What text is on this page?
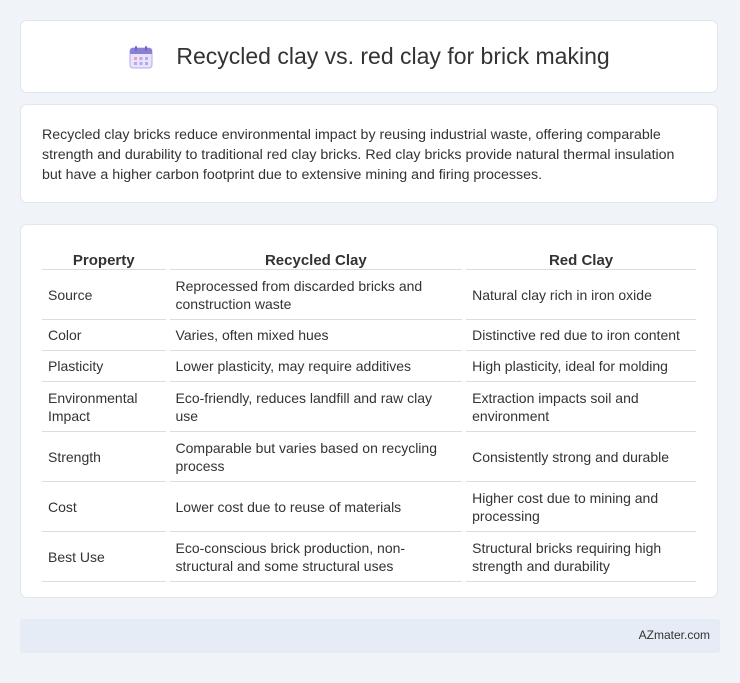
Recycled clay vs. red clay for brick making

Recycled clay bricks reduce environmental impact by reusing industrial waste, offering comparable strength and durability to traditional red clay bricks. Red clay bricks provide natural thermal insulation but have a higher carbon footprint due to extensive mining and firing processes.

Property	Recycled Clay	Red Clay
Source	Reprocessed from discarded bricks and construction waste	Natural clay rich in iron oxide
Color	Varies, often mixed hues	Distinctive red due to iron content
Plasticity	Lower plasticity, may require additives	High plasticity, ideal for molding
Environmental Impact	Eco-friendly, reduces landfill and raw clay use	Extraction impacts soil and environment
Strength	Comparable but varies based on recycling process	Consistently strong and durable
Cost	Lower cost due to reuse of materials	Higher cost due to mining and processing
Best Use	Eco-conscious brick production, non-structural and some structural uses	Structural bricks requiring high strength and durability
AZmater.com
